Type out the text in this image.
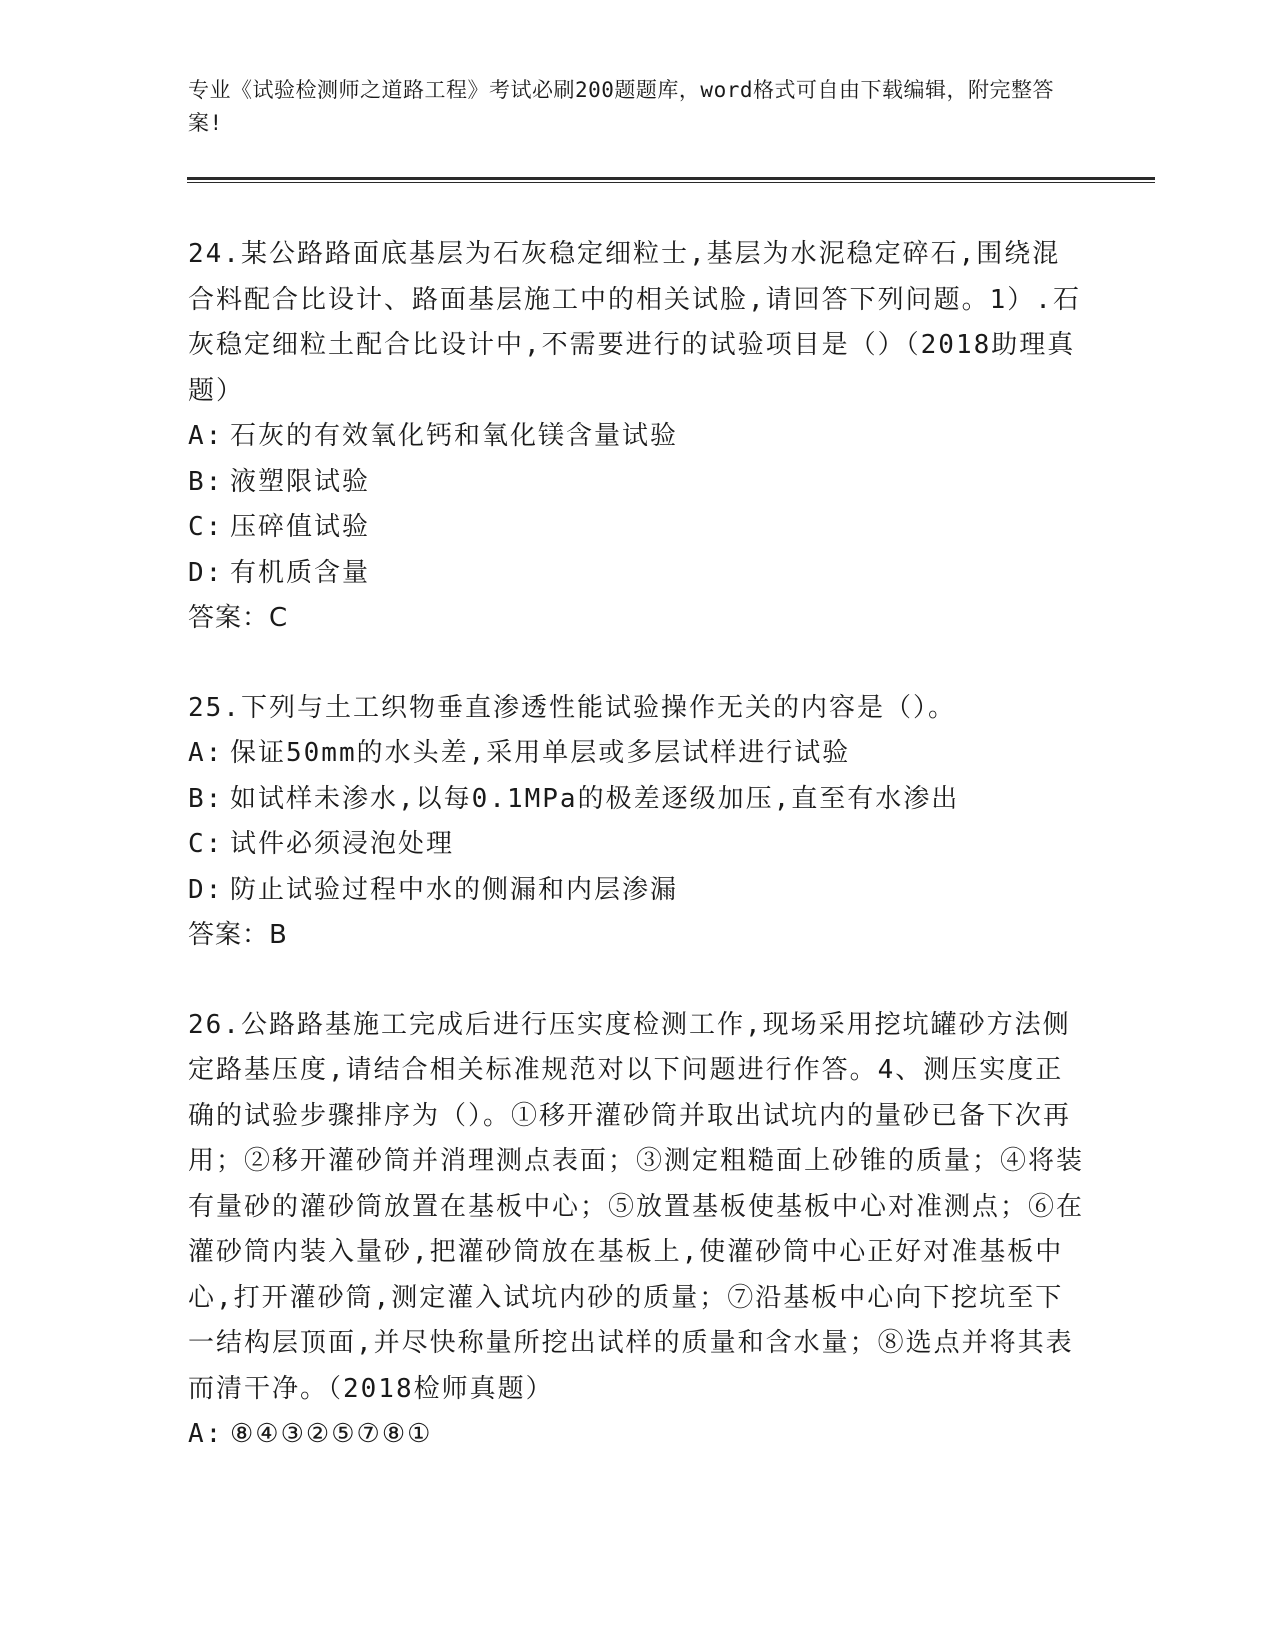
专业《试验检测师之道路工程》考试必刷200题题库，word格式可自由下载编辑，附完整答案!

24.某公路路面底基层为石灰稳定细粒士,基层为水泥稳定碎石,围绕混合料配合比设计、路面基层施工中的相关试脸,请回答下列问题。1）.石灰稳定细粒土配合比设计中,不需要进行的试验项目是（）（2018助理真题）

A: 石灰的有效氧化钙和氧化镁含量试验

B: 液塑限试验

C: 压碎值试验

D: 有机质含量

答案：C

25.下列与土工织物垂直渗透性能试验操作无关的内容是（）。

A: 保证50mm的水头差,采用单层或多层试样进行试验

B: 如试样未渗水,以每0.1MPa的极差逐级加压,直至有水渗出

C: 试件必须浸泡处理

D: 防止试验过程中水的侧漏和内层渗漏

答案：B

26.公路路基施工完成后进行压实度检测工作,现场采用挖坑罐砂方法侧定路基压度,请结合相关标准规范对以下问题进行作答。4、测压实度正确的试验步骤排序为（）。①移开灌砂筒并取出试坑内的量砂已备下次再用；②移开灌砂筒并消理测点表面；③测定粗糙面上砂锥的质量；④将装有量砂的灌砂筒放置在基板中心；⑤放置基板使基板中心对准测点；⑥在灌砂筒内装入量砂,把灌砂筒放在基板上,使灌砂筒中心正好对准基板中心,打开灌砂筒,测定灌入试坑内砂的质量；⑦沿基板中心向下挖坑至下一结构层顶面,并尽快称量所挖出试样的质量和含水量；⑧选点并将其表而清干净。（2018检师真题）

A: ⑧④③②⑤⑦⑧①
